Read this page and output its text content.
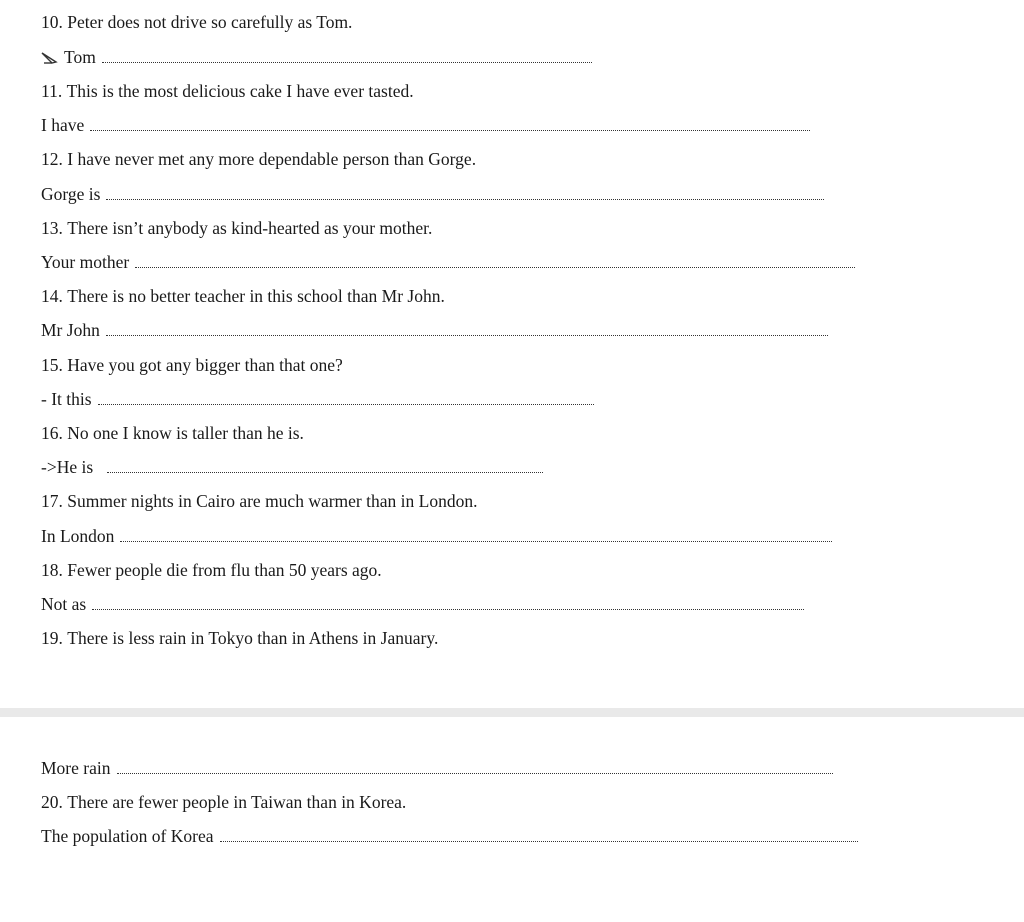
10.
Peter does not drive so carefully as Tom.
Tom
11.
This is the most delicious cake I have ever tasted.
I have
12.
I have never met any more dependable person than Gorge.
Gorge is
13.
There isn’t anybody as kind-hearted as your mother.
Your mother
14.
There is no better teacher in this school than Mr John.
Mr John
15.
Have you got any bigger than that one?
- It this
16.
No one I know is taller than he is.
->He is
17.
Summer nights in Cairo are much warmer than in London.
In London
18.
Fewer people die from flu than 50 years ago.
Not as
19.
There is less rain in Tokyo than in Athens in January.
More rain
20.
There are fewer people in Taiwan than in Korea.
The population of Korea
